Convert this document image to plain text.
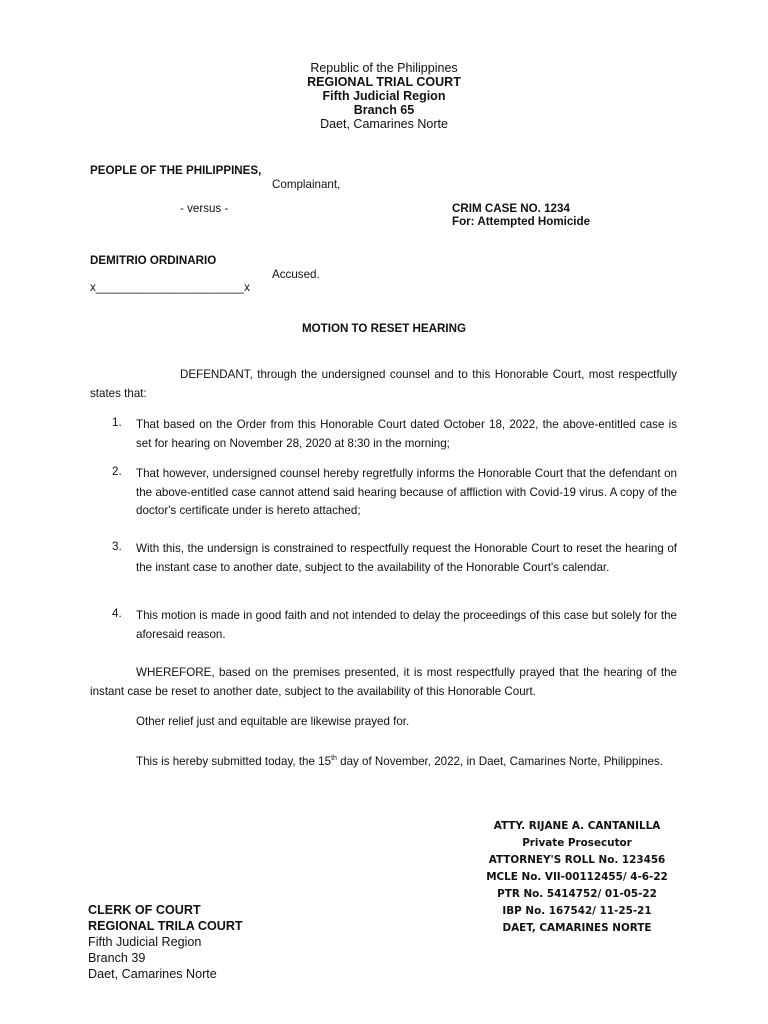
Republic of the Philippines
REGIONAL TRIAL COURT
Fifth Judicial Region
Branch 65
Daet, Camarines Norte
PEOPLE OF THE PHILIPPINES,
Complainant,
- versus -	CRIM CASE NO. 1234
For: Attempted Homicide
DEMITRIO ORDINARIO
Accused.
x_______________________x
MOTION TO RESET HEARING
DEFENDANT, through the undersigned counsel and to this Honorable Court, most respectfully states that:
1. That based on the Order from this Honorable Court dated October 18, 2022, the above-entitled case is set for hearing on November 28, 2020 at 8:30 in the morning;
2. That however, undersigned counsel hereby regretfully informs the Honorable Court that the defendant on the above-entitled case cannot attend said hearing because of affliction with Covid-19 virus. A copy of the doctor's certificate under is hereto attached;
3. With this, the undersign is constrained to respectfully request the Honorable Court to reset the hearing of the instant case to another date, subject to the availability of the Honorable Court's calendar.
4. This motion is made in good faith and not intended to delay the proceedings of this case but solely for the aforesaid reason.
WHEREFORE, based on the premises presented, it is most respectfully prayed that the hearing of the instant case be reset to another date, subject to the availability of this Honorable Court.
Other relief just and equitable are likewise prayed for.
This is hereby submitted today, the 15th day of November, 2022, in Daet, Camarines Norte, Philippines.
ATTY. RIJANE A. CANTANILLA
Private Prosecutor
ATTORNEY'S ROLL No. 123456
MCLE No. VII-00112455/ 4-6-22
PTR No. 5414752/ 01-05-22
IBP No. 167542/ 11-25-21
DAET, CAMARINES NORTE
CLERK OF COURT
REGIONAL TRILA COURT
Fifth Judicial Region
Branch 39
Daet, Camarines Norte
